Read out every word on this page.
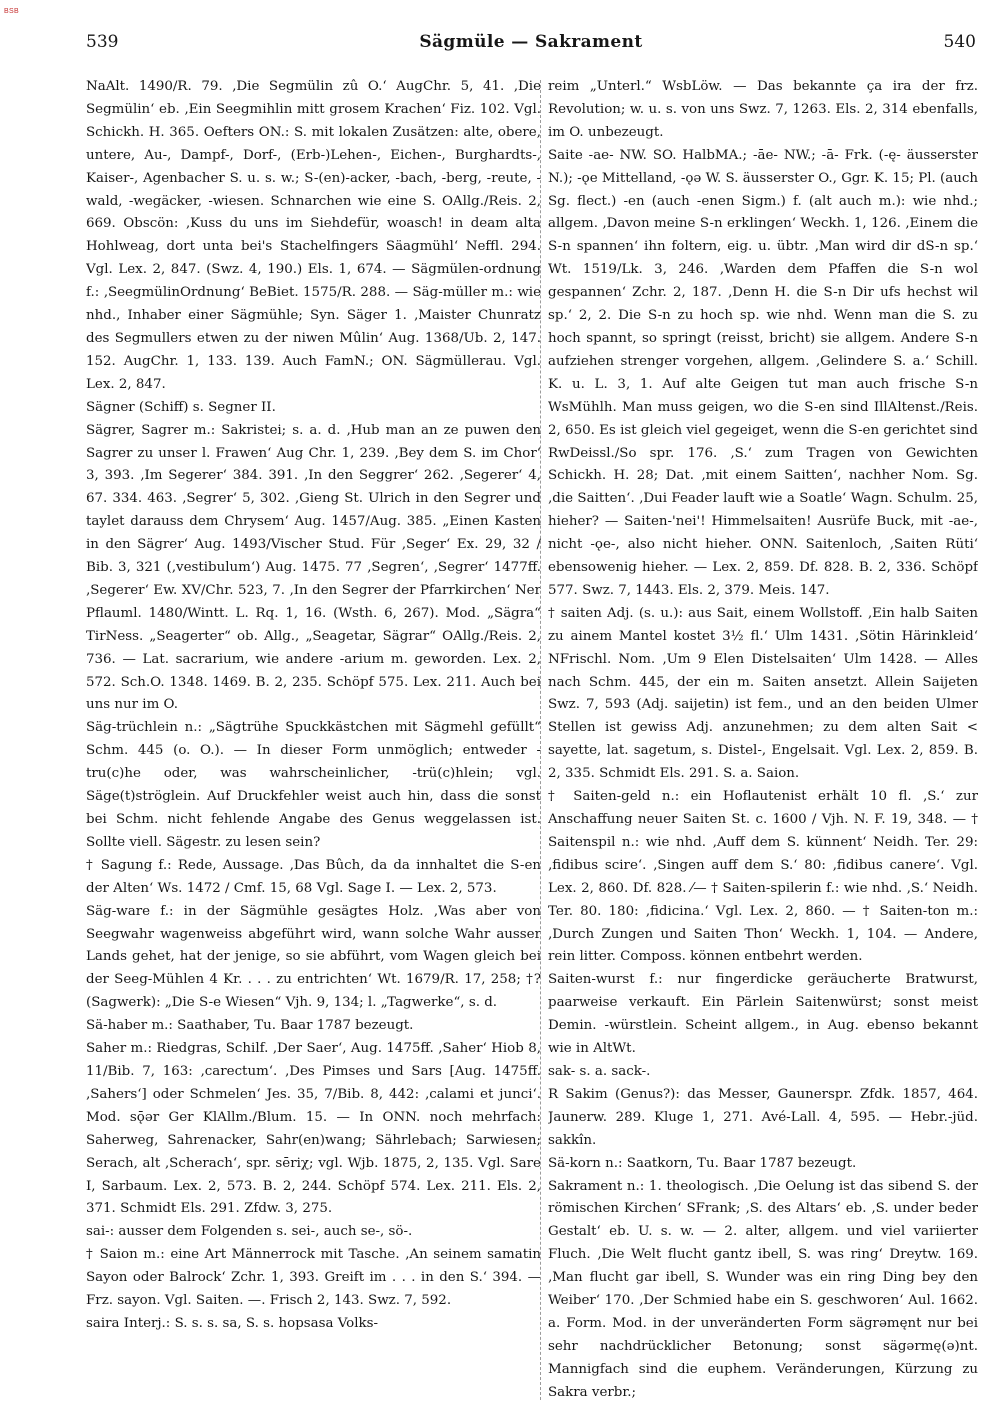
BSB
539	Sägmüle — Sakrament	540

NaAlt. 1490/R. 79. ‚Die Segmülin zû O.‘ AugChr. 5, 41. ‚Die Segmülin‘ eb. ‚Ein Seegmihlin mitt grosem Krachen‘ Fiz. 102. Vgl. Schickh. H. 365. Oefters ON.: S. mit lokalen Zusätzen: alte, obere, untere, Au-, Dampf-, Dorf-, (Erb-)Lehen-, Eichen-, Burghardts-, Kaiser-, Agenbacher S. u. s. w.; S-(en)-acker, -bach, -berg, -reute, -wald, -wegäcker, -wiesen. Schnarchen wie eine S. OAllg./Reis. 2, 669. Obscön: ‚Kuss du uns im Siehdefür, woasch! in deam alta Hohlweag, dort unta bei's Stachelfingers Säagmühl‘ Neffl. 294. Vgl. Lex. 2, 847. (Swz. 4, 190.) Els. 1, 674. — Sägmülen-ordnung f.: ‚SeegmülinOrdnung‘ BeBiet. 1575/R. 288. — Säg-müller m.: wie nhd., Inhaber einer Sägmühle; Syn. Säger 1. ‚Maister Chunratz des Segmullers etwen zu der niwen Mûlin‘ Aug. 1368/Ub. 2, 147. 152. AugChr. 1, 133. 139. Auch FamN.; ON. Sägmüllerau. Vgl. Lex. 2, 847.

Sägner (Schiff) s. Segner II.

Sägrer, Sagrer m.: Sakristei; s. a. d. ‚Hub man an ze puwen den Sagrer zu unser l. Frawen‘ Aug Chr. 1, 239. ‚Bey dem S. im Chor‘ 3, 393. ‚Im Segerer‘ 384. 391. ‚In den Seggrer‘ 262. ‚Segerer‘ 4, 67. 334. 463. ‚Segrer‘ 5, 302. ‚Gieng St. Ulrich in den Segrer und taylet darauss dem Chrysem‘ Aug. 1457/Aug. 385. „Einen Kasten in den Sägrer‘ Aug. 1493/Vischer Stud. Für ‚Seger‘ Ex. 29, 32 / Bib. 3, 321 (‚vestibulum‘) Aug. 1475. 77 ‚Segren‘, ‚Segrer‘ 1477ff. ‚Segerer‘ Ew. XV/Chr. 523, 7. ‚In den Segrer der Pfarrkirchen‘ Ner Pflauml. 1480/Wintt. L. Rq. 1, 16. (Wsth. 6, 267). Mod. „Sägra“ TirNess. „Seagerter“ ob. Allg., „Seagetar, Sägrar“ OAllg./Reis. 2, 736. — Lat. sacrarium, wie andere -arium m. geworden. Lex. 2, 572. Sch.O. 1348. 1469. B. 2, 235. Schöpf 575. Lex. 211. Auch bei uns nur im O.

Säg-trüchlein n.: „Sägtrühe Spuckkästchen mit Sägmehl gefüllt“ Schm. 445 (o. O.). — In dieser Form unmöglich; entweder -tru(c)he oder, was wahrscheinlicher, -trü(c)hlein; vgl. Säge(t)ströglein. Auf Druckfehler weist auch hin, dass die sonst bei Schm. nicht fehlende Angabe des Genus weggelassen ist. Sollte viell. Sägestr. zu lesen sein?

† Sagung f.: Rede, Aussage. ‚Das Bûch, da da innhaltet die S-en der Alten‘ Ws. 1472 / Cmf. 15, 68 Vgl. Sage I. — Lex. 2, 573.

Säg-ware f.: in der Sägmühle gesägtes Holz. ‚Was aber von Seegwahr wagenweiss abgeführt wird, wann solche Wahr ausser Lands gehet, hat der jenige, so sie abführt, vom Wagen gleich bei der Seeg-Mühlen 4 Kr. . . . zu entrichten‘ Wt. 1679/R. 17, 258; †? (Sagwerk): „Die S-e Wiesen“ Vjh. 9, 134; l. „Tagwerke“, s. d.

Sä-haber m.: Saathaber, Tu. Baar 1787 bezeugt.

Saher m.: Riedgras, Schilf. ‚Der Saer‘, Aug. 1475ff. ‚Saher‘ Hiob 8, 11/Bib. 7, 163: ‚carectum‘. ‚Des Pimses und Sars [Aug. 1475ff. ‚Sahers‘] oder Schmelen‘ Jes. 35, 7/Bib. 8, 442: ‚calami et junci‘. Mod. sǭər Ger KlAllm./Blum. 15. — In ONN. noch mehrfach: Saherweg, Sahrenacker, Sahr(en)wang; Sährlebach; Sarwiesen; Serach, alt ‚Scherach‘, spr. sēriχ; vgl. Wjb. 1875, 2, 135. Vgl. Sare I, Sarbaum. Lex. 2, 573. B. 2, 244. Schöpf 574. Lex. 211. Els. 2, 371. Schmidt Els. 291. Zfdw. 3, 275.

sai-: ausser dem Folgenden s. sei-, auch se-, sö-.

† Saion m.: eine Art Männerrock mit Tasche. ‚An seinem samatin Sayon oder Balrock‘ Zchr. 1, 393. Greift im . . . in den S.‘ 394. — Frz. sayon. Vgl. Saiten. —. Frisch 2, 143. Swz. 7, 592.

saira Interj.: S. s. s. sa, S. s. hopsasa Volks-

reim „Unterl.“ WsbLöw. — Das bekannte ça ira der frz. Revolution; w. u. s. von uns Swz. 7, 1263. Els. 2, 314 ebenfalls, im O. unbezeugt.

Saite -ae- NW. SO. HalbMA.; -āe- NW.; -ā- Frk. (-ę- äusserster N.); -ǫe Mittelland, -ǫə W. S. äusserster O., Ggr. K. 15; Pl. (auch Sg. flect.) -en (auch -enen Sigm.) f. (alt auch m.): wie nhd.; allgem. ‚Davon meine S-n erklingen‘ Weckh. 1, 126. ‚Einem die S-n spannen‘ ihn foltern, eig. u. übtr. ‚Man wird dir dS-n sp.‘ Wt. 1519/Lk. 3, 246. ‚Warden dem Pfaffen die S-n wol gespannen‘ Zchr. 2, 187. ‚Denn H. die S-n Dir ufs hechst wil sp.‘ 2, 2. Die S-n zu hoch sp. wie nhd. Wenn man die S. zu hoch spannt, so springt (reisst, bricht) sie allgem. Andere S-n aufziehen strenger vorgehen, allgem. ‚Gelindere S. a.‘ Schill. K. u. L. 3, 1. Auf alte Geigen tut man auch frische S-n WsMühlh. Man muss geigen, wo die S-en sind IllAltenst./Reis. 2, 650. Es ist gleich viel gegeiget, wenn die S-en gerichtet sind RwDeissl./So spr. 176. ‚S.‘ zum Tragen von Gewichten Schickh. H. 28; Dat. ‚mit einem Saitten‘, nachher Nom. Sg. ‚die Saitten‘. ‚Dui Feader lauft wie a Soatle‘ Wagn. Schulm. 25, hieher? — Saiten-'nei'! Himmelsaiten! Ausrüfe Buck, mit -ae-, nicht -ǫe-, also nicht hieher. ONN. Saitenloch, ‚Saiten Rüti‘ ebensowenig hieher. — Lex. 2, 859. Df. 828. B. 2, 336. Schöpf 577. Swz. 7, 1443. Els. 2, 379. Meis. 147.

† saiten Adj. (s. u.): aus Sait, einem Wollstoff. ‚Ein halb Saiten zu ainem Mantel kostet 3½ fl.‘ Ulm 1431. ‚Sötin Härinkleid‘ NFrischl. Nom. ‚Um 9 Elen Distelsaiten‘ Ulm 1428. — Alles nach Schm. 445, der ein m. Saiten ansetzt. Allein Saijeten Swz. 7, 593 (Adj. saijetin) ist fem., und an den beiden Ulmer Stellen ist gewiss Adj. anzunehmen; zu dem alten Sait < sayette, lat. sagetum, s. Distel-, Engelsait. Vgl. Lex. 2, 859. B. 2, 335. Schmidt Els. 291. S. a. Saion.

† Saiten-geld n.: ein Hoflautenist erhält 10 fl. ‚S.‘ zur Anschaffung neuer Saiten St. c. 1600 / Vjh. N. F. 19, 348. — † Saitenspil n.: wie nhd. ‚Auff dem S. künnent‘ Neidh. Ter. 29: ‚fidibus scire‘. ‚Singen auff dem S.‘ 80: ‚fidibus canere‘. Vgl. Lex. 2, 860. Df. 828. ⁄— † Saiten-spilerin f.: wie nhd. ‚S.‘ Neidh. Ter. 80. 180: ‚fidicina.‘ Vgl. Lex. 2, 860. — † Saiten-ton m.: ‚Durch Zungen und Saiten Thon‘ Weckh. 1, 104. — Andere, rein litter. Composs. können entbehrt werden.

Saiten-wurst f.: nur fingerdicke geräucherte Bratwurst, paarweise verkauft. Ein Pärlein Saitenwürst; sonst meist Demin. -würstlein. Scheint allgem., in Aug. ebenso bekannt wie in AltWt.

sak- s. a. sack-.

R Sakim (Genus?): das Messer, Gaunerspr. Zfdk. 1857, 464. Jaunerw. 289. Kluge 1, 271. Avé-Lall. 4, 595. — Hebr.-jüd. sakkîn.

Sä-korn n.: Saatkorn, Tu. Baar 1787 bezeugt.

Sakrament n.: 1. theologisch. ‚Die Oelung ist das sibend S. der römischen Kirchen‘ SFrank; ‚S. des Altars‘ eb. ‚S. under beder Gestalt‘ eb. U. s. w. — 2. alter, allgem. und viel variierter Fluch. ‚Die Welt flucht gantz ibell, S. was ring‘ Dreytw. 169. ‚Man flucht gar ibell, S. Wunder was ein ring Ding bey den Weiber‘ 170. ‚Der Schmied habe ein S. geschworen‘ Aul. 1662. a. Form. Mod. in der unveränderten Form sägrəmęnt nur bei sehr nachdrücklicher Betonung; sonst sägərmę(ə)nt. Mannigfach sind die euphem. Veränderungen, Kürzung zu Sakra verbr.;
